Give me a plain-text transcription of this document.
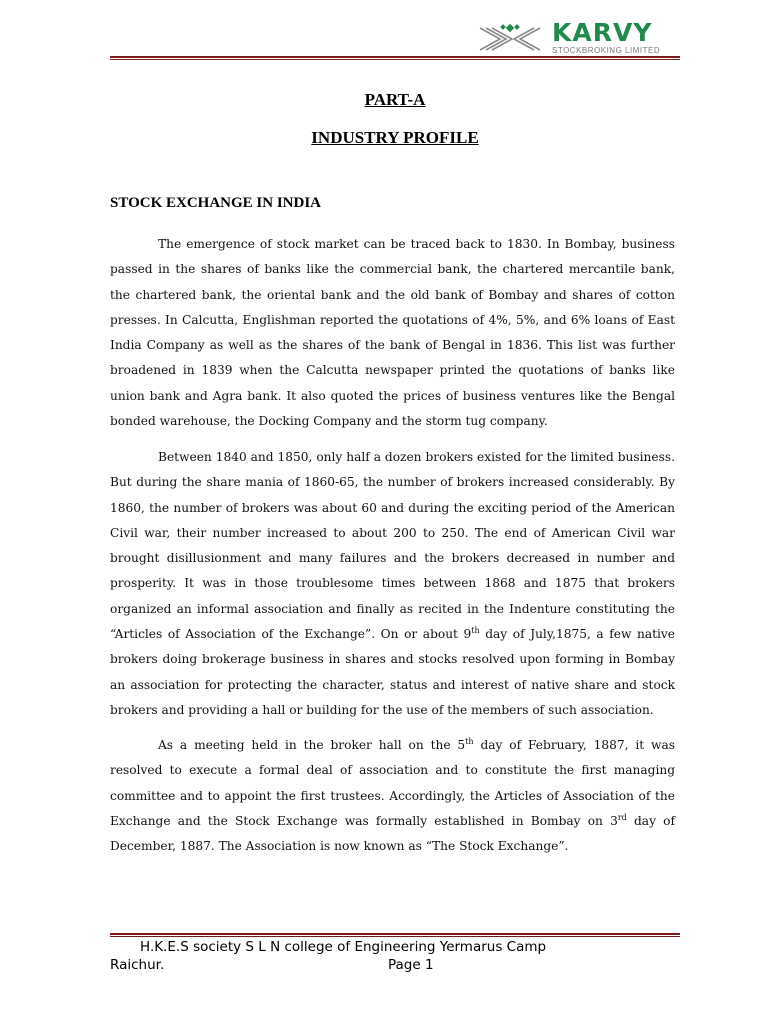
KARVY
STOCKBROKING LIMITED
PART-A
INDUSTRY PROFILE
STOCK EXCHANGE IN INDIA

The emergence of stock market can be traced back to 1830. In Bombay, business passed in the shares of banks like the commercial bank, the chartered mercantile bank, the chartered bank, the oriental bank and the old bank of Bombay and shares of cotton presses. In Calcutta, Englishman reported the quotations of 4%, 5%, and 6% loans of East India Company as well as the shares of the bank of Bengal in 1836. This list was further broadened in 1839 when the Calcutta newspaper printed the quotations of banks like union bank and Agra bank. It also quoted the prices of business ventures like the Bengal bonded warehouse, the Docking Company and the storm tug company.

Between 1840 and 1850, only half a dozen brokers existed for the limited business. But during the share mania of 1860-65, the number of brokers increased considerably. By 1860, the number of brokers was about 60 and during the exciting period of the American Civil war, their number increased to about 200 to 250. The end of American Civil war brought disillusionment and many failures and the brokers decreased in number and prosperity. It was in those troublesome times between 1868 and 1875 that brokers organized an informal association and finally as recited in the Indenture constituting the “Articles of Association of the Exchange”. On or about 9th day of July,1875, a few native brokers doing brokerage business in shares and stocks resolved upon forming in Bombay an association for protecting the character, status and interest of native share and stock brokers and providing a hall or building for the use of the members of such association.

As a meeting held in the broker hall on the 5th day of February, 1887, it was resolved to execute a formal deal of association and to constitute the first managing committee and to appoint the first trustees. Accordingly, the Articles of Association of the Exchange and the Stock Exchange was formally established in Bombay on 3rd day of December, 1887. The Association is now known as “The Stock Exchange”.

H.K.E.S society S L N college of Engineering Yermarus Camp
Raichur.	Page 1
